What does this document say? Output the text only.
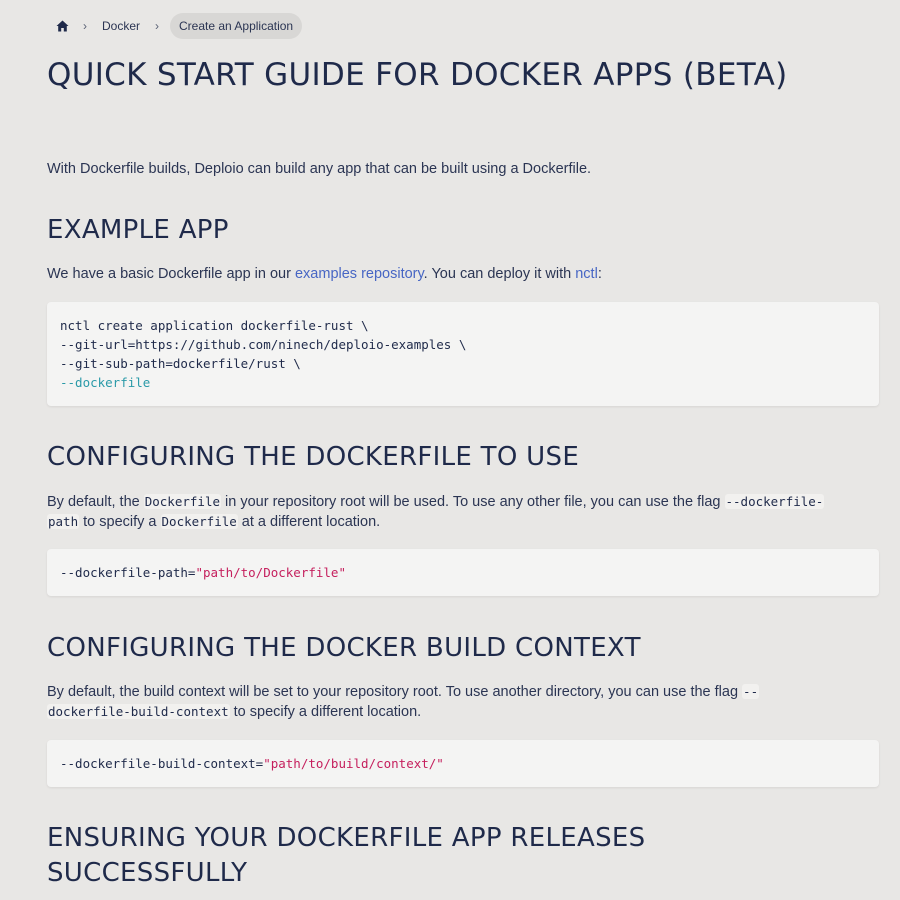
›	Docker	›	Create an Application
QUICK START GUIDE FOR DOCKER APPS (BETA)

With Dockerfile builds, Deploio can build any app that can be built using a Dockerfile.

EXAMPLE APP

We have a basic Dockerfile app in our examples repository. You can deploy it with nctl:

nctl create application dockerfile-rust \
--git-url=https://github.com/ninech/deploio-examples \
--git-sub-path=dockerfile/rust \
--dockerfile
CONFIGURING THE DOCKERFILE TO USE

By default, the Dockerfile in your repository root will be used. To use any other file, you can use the flag --dockerfile-
path to specify a Dockerfile at a different location.

--dockerfile-path="path/to/Dockerfile"
CONFIGURING THE DOCKER BUILD CONTEXT

By default, the build context will be set to your repository root. To use another directory, you can use the flag --
dockerfile-build-context to specify a different location.

--dockerfile-build-context="path/to/build/context/"
ENSURING YOUR DOCKERFILE APP RELEASES SUCCESSFULLY
